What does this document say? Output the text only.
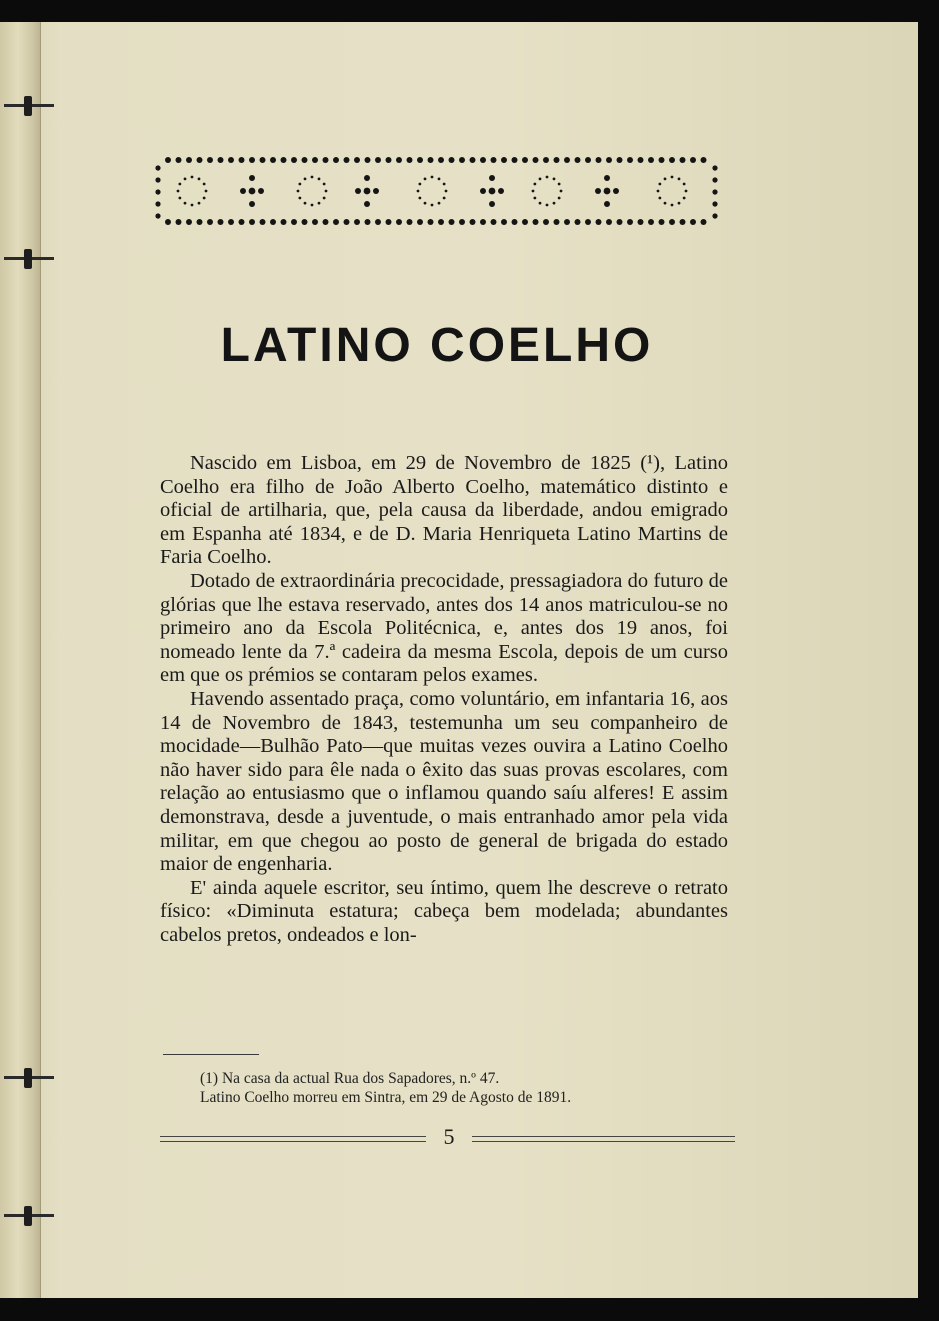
LATINO COELHO

Nascido em Lisboa, em 29 de Novembro de 1825 (¹), Latino Coelho era filho de João Alberto Coelho, matemático distinto e oficial de artilharia, que, pela causa da liberdade, andou emigrado em Espanha até 1834, e de D. Maria Henriqueta Latino Martins de Faria Coelho.

Dotado de extraordinária precocidade, pressagiadora do futuro de glórias que lhe estava reservado, antes dos 14 anos matriculou-se no primeiro ano da Escola Politécnica, e, antes dos 19 anos, foi nomeado lente da 7.ª cadeira da mesma Escola, depois de um curso em que os prémios se contaram pelos exames.

Havendo assentado praça, como voluntário, em infantaria 16, aos 14 de Novembro de 1843, testemunha um seu companheiro de mocidade—Bulhão Pato—que muitas vezes ouvira a Latino Coelho não haver sido para êle nada o êxito das suas provas escolares, com relação ao entusiasmo que o inflamou quando saíu alferes! E assim demonstrava, desde a juventude, o mais entranhado amor pela vida militar, em que chegou ao posto de general de brigada do estado maior de engenharia.

E' ainda aquele escritor, seu íntimo, quem lhe descreve o retrato físico: «Diminuta estatura; cabeça bem modelada; abundantes cabelos pretos, ondeados e lon-

(1) Na casa da actual Rua dos Sapadores, n.º 47.
Latino Coelho morreu em Sintra, em 29 de Agosto de 1891.
5
